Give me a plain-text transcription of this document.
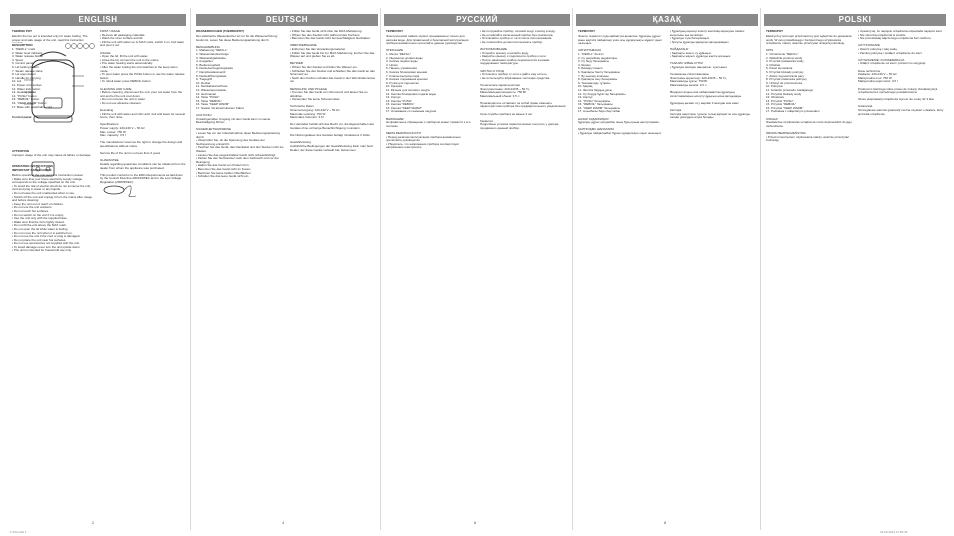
ENGLISH	DEUTSCH	РУССКИЙ	ҚАЗАҚ	POLSKI
THERMO POT
Electric thermo pot is intended only for water boiling. The proper and safe usage of the unit, read this instruction
DESCRIPTION
1. "REFILL" mark
2. Water level indicator
3. Water release button
4. Spout
5. Control panel
6. Lid locking button
7. Steam release valve
8. Lid open button
9. Handle for carrying
10. Lid
11. Power cord socket
12. Water lock button
13. Heating jacket
14. "PUSH" button
15. "REBOIL" button
16. "KEEP WARM" button
17. Base with detachable cord
Control panel
ATTENTION
Improper usage of the unit may cause its failure or damage.
OPERATING INSTRUCTIONS
IMPORTANT SAFEGUARDS
Before operating the unit read this instruction manual.
• Make sure that your home electricity supply voltage corresponds to the voltage specified on the unit.
• To avoid the risk of electric shock do not immerse the unit, cord and plug in water or any liquids.
• Do not leave the unit unattended when in use.
• Switch off the unit and unplug it from the mains after usage and before cleaning.
• Keep the unit out of reach of children.
• Do not use the unit outdoors.
• Do not touch hot surfaces.
• Do not switch on the unit if it is empty.
• Use the unit only with the supplied base.
• Make sure that the lid is tightly closed.
• Do not fill the unit above the MAX mark.
• Do not open the lid while water is boiling.
• Do not move the unit when it is switched on.
• Do not use the unit if the cord or plug is damaged.
• Do not place the unit near hot surfaces.
• Do not use accessories not supplied with the unit.
• To avoid damage never turn the unit upside down.
• The unit is intended for household use only.
FIRST USAGE
• Remove all packaging materials.
• Wash the inner surface and lid.
• Fill the unit with water up to MAX mark, switch it on, boil water and pour it out.

USAGE
• Open the lid, fill the unit with water.
• Close the lid, connect the unit to the mains.
• The water heating starts automatically.
• After the water boiling the unit switches to the keep warm mode.
• To pour water press the PUSH button or use the water release button.
• To reboil water press REBOIL button.

CLEANING AND CARE
• Before cleaning, disconnect the unit, pour out water from the unit and let the unit cool down.
• Do not immerse the unit in water.
• Do not use abrasive cleaners.

Descaling
• Fill the unit with water and citric acid, boil and leave for several hours, then rinse.

Specifications
Power supply: 220-240 V ~ 50 Hz
Max. power: 750 W
Max. capacity: 3.5 l

The manufacturer reserves the right to change the design and specifications without notice.

Service life of the unit is not less than 3 years

GUARANTEE
Details regarding guarantee conditions can be obtained from the dealer from whom the appliance was purchased.

This product conforms to the EMC-Requirements as laid down by the Council Directive 2004/108/EC and to the Low Voltage Regulation (2006/95/EC).
WASSERKOCHER (THERMOPOT)
Der elektrische Wasserkocher ist nur für die Wassererhitzung bestimmt. Lesen Sie diese Bedienungsanleitung durch.

BESCHREIBUNG
1. Markierung "REFILL"
2. Wasserstandsanzeige
3. Wasserabgabetaste
4. Ausgießer
5. Bedienungsfeld
6. Deckelverriegelungstaste
7. Dampfauslassventil
8. Deckelöffnungstaste
9. Tragegriff
10. Deckel
11. Netzkabelanschluss
12. Wassersperretaste
13. Heizmantel
14. Taste "PUSH"
15. Taste "REBOIL"
16. Taste "KEEP WARM"
17. Sockel mit abnehmbarem Kabel

ACHTUNG!
Unsachgemäßer Umgang mit dem Gerät kann zu seiner Beschädigung führen.

SICHERHEITSHINWEISE
• Lesen Sie vor der Inbetriebnahme diese Bedienungsanleitung durch.
• Überprüfen Sie, ob die Spannung des Gerätes der Netzspannung entspricht.
• Tauchen Sie das Gerät, das Netzkabel und den Stecker nicht ins Wasser.
• Lassen Sie das eingeschaltete Gerät nicht unbeaufsichtigt.
• Ziehen Sie den Netzstecker nach dem Gebrauch und vor der Reinigung.
• Halten Sie das Gerät von Kindern fern.
• Benutzen Sie das Gerät nicht im Freien.
• Berühren Sie keine heißen Oberflächen.
• Schalten Sie das leere Gerät nicht ein.
• Füllen Sie das Gerät nicht über die MAX-Markierung.
• Öffnen Sie den Deckel nicht während des Kochens.
• Benutzen Sie das Gerät nicht bei beschädigtem Netzkabel.

INBETRIEBNAHME
• Entfernen Sie das Verpackungsmaterial.
• Füllen Sie das Gerät bis zur MAX-Markierung, kochen Sie das Wasser auf und gießen Sie es ab.

BETRIEB
• Öffnen Sie den Deckel und füllen Sie Wasser ein.
• Schließen Sie den Deckel und schließen Sie das Gerät an das Stromnetz an.
• Nach dem Kochen schaltet das Gerät in den Warmhaltemodus um.

REINIGUNG UND PFLEGE
• Trennen Sie das Gerät vom Stromnetz und lassen Sie es abkühlen.
• Verwenden Sie keine Scheuermittel.

Technische Daten
Stromversorgung: 220-240 V ~ 50 Hz
Maximale Leistung: 750 W
Maximales Volumen: 3,5 l

Der Hersteller behält sich das Recht vor, die Eigenschaften des Gerätes ohne vorherige Benachrichtigung zu ändern.

Die Nutzungsdauer des Gerätes beträgt mindestens 3 Jahre

Gewährleistung
Ausführliche Bedingungen der Gewährleistung kann man beim Dealer, der diese Geräte verkauft hat, bekommen.
ТЕРМОПОТ
Электрический чайник-термос предназначен только для нагрева воды. Для правильной и безопасной эксплуатации прибора внимательно прочитайте данное руководство.

ОПИСАНИЕ
1. Метка "REFILL"
2. Индикатор уровня воды
3. Кнопка подачи воды
4. Носик
5. Панель управления
6. Кнопка блокировки крышки
7. Клапан выпуска пара
8. Кнопка открывания крышки
9. Ручка для переноски
10. Крышка
11. Разъем для сетевого шнура
12. Кнопка блокировки подачи воды
13. Корпус
14. Кнопка "PUSH"
15. Кнопка "REBOIL"
16. Кнопка "KEEP WARM"
17. Основание со съемным шнуром

ВНИМАНИЕ!
Неправильное обращение с прибором может привести к его поломке.

МЕРЫ БЕЗОПАСНОСТИ
• Перед началом эксплуатации прибора внимательно прочитайте руководство.
• Убедитесь, что напряжение прибора соответствует напряжению электросети.
• Не погружайте прибор, сетевой шнур и вилку в воду.
• Не оставляйте включенный прибор без присмотра.
• Отключайте прибор от сети после использования.
• Не позволяйте детям использовать прибор.

ИСПОЛЬЗОВАНИЕ
• Откройте крышку и налейте воду.
• Закройте крышку и подключите прибор к сети.
• После закипания прибор переключится в режим поддержания температуры.

ЧИСТКА И УХОД
• Отключите прибор от сети и дайте ему остыть.
• Не используйте абразивные чистящие средства.

Технические характеристики
Электропитание: 220-240 В ~ 50 Гц
Максимальная мощность: 750 Вт
Максимальный объем: 3,5 л

Производитель оставляет за собой право изменять характеристики прибора без предварительного уведомления.

Срок службы прибора не менее 3 лет

Гарантия
Подробные условия гарантии можно получить у дилера, продавшего данный прибор.
ТЕРМОПОТ
Электр термопот суды қайнатуға арналған. Құралды дұрыс және қауіпсіз пайдалану үшін осы нұсқаулықты мұқият оқып шығыңыз.

СИПАТТАМАСЫ
1. "REFILL" белгісі
2. Су деңгейінің индикаторы
3. Су беру батырмасы
4. Шүмек
5. Басқару панелі
6. Қақпақты бекіту батырмасы
7. Бу шығару клапаны
8. Қақпақты ашу батырмасы
9. Тасымалдау тұтқасы
10. Қақпақ
11. Желілік баудың ұясы
12. Су беруді бұғаттау батырмасы
13. Корпус
14. "PUSH" батырмасы
15. "REBOIL" батырмасы
16. "KEEP WARM" батырмасы
17. Алынбалы бауы бар табан

НАЗАР АУДАРЫҢЫЗ!
Құралды дұрыс қолданбау оның бұзылуына әкелуі мүмкін.

ҚАУІПСІЗДІК ШАРАЛАРЫ
• Құралды пайдаланбас бұрын нұсқаулықты оқып шығыңыз.
• Құралдың кернеуі электр желісінің кернеуіне сәйкес келетініне көз жеткізіңіз.
• Құралды суға батырмаңыз.
• Қосулы құралды қараусыз қалдырмаңыз.

ПАЙДАЛАНУ
• Қақпақты ашып, су құйыңыз.
• Қақпақты жауып, құралды желіге қосыңыз.

ТАЗАЛАУ ЖӘНЕ КҮТІМ
• Құралды желіден ажыратып, суытыңыз.

Техникалық сипаттамалары
Электрмен қоректену: 220-240 В ~ 50 Гц
Максималды қуаты: 750 Вт
Максималды көлемі: 3,5 л

Өндіруші алдын ала хабарламастан құралдың сипаттамаларын өзгерту құқығын өзіне қалдырады.

Құралдың қызмет ету мерзімі 3 жылдан кем емес

Кепілдік
Кепілдік шарттары туралы толық ақпаратты осы құралды сатқан дилерден алуға болады.
TERMOPOT
Elektryczny termopot przeznaczony jest wyłącznie do gotowania wody. W celu prawidłowego i bezpiecznego użytkowania urządzenia, należy uważnie przeczytać niniejszą instrukcję.

OPIS
1. Oznaczenie "REFILL"
2. Wskaźnik poziomu wody
3. Przycisk podawania wody
4. Dziobek
5. Panel sterowania
6. Przycisk blokady pokrywy
7. Zawór wypuszczania pary
8. Przycisk otwierania pokrywy
9. Uchwyt do przenoszenia
10. Pokrywa
11. Gniazdo przewodu zasilającego
12. Przycisk blokady wody
13. Obudowa
14. Przycisk "PUSH"
15. Przycisk "REBOIL"
16. Przycisk "KEEP WARM"
17. Podstawa z odłączanym przewodem

UWAGA!
Niewłaściwe użytkowanie urządzenia może doprowadzić do jego uszkodzenia.

ŚRODKI BEZPIECZEŃSTWA
• Przed rozpoczęciem użytkowania należy uważnie przeczytać instrukcję.
• Upewnij się, że napięcie urządzenia odpowiada napięciu sieci.
• Nie zanurzaj urządzenia w wodzie.
• Nie pozostawiaj włączonego urządzenia bez nadzoru.

UŻYTKOWANIE
• Otwórz pokrywę i wlej wodę.
• Zamknij pokrywę i podłącz urządzenie do sieci.

CZYSZCZENIE I KONSERWACJA
• Odłącz urządzenie od sieci i pozwól mu ostygnąć.

Dane techniczne
Zasilanie: 220-240 V ~ 50 Hz
Maksymalna moc: 750 W
Maksymalna pojemność: 3,5 l

Producent zastrzega sobie prawo do zmiany charakterystyk urządzenia bez uprzedniego powiadomienia.

Okres eksploatacji urządzenia wynosi nie mniej niż 3 lata

Gwarancja
Szczegółowe warunki gwarancji można uzyskać u dealera, który sprzedał urządzenie.
2	4	6	8
1 004.indd 1	23.09.2013 11:59:44
